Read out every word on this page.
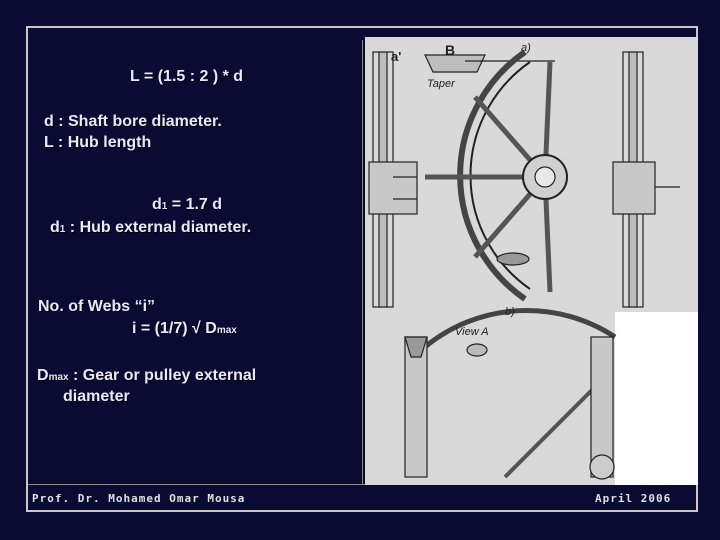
L = (1.5 : 2 ) * d
d : Shaft bore diameter.
L : Hub length
d1 = 1.7 d
d1 : Hub external diameter.
No. of Webs “i”
i = (1/7) √ Dmax
Dmax : Gear or pulley external
diameter
a'	B
Taper
a)
b)
View A
Prof. Dr. Mohamed Omar Mousa	April 2006
